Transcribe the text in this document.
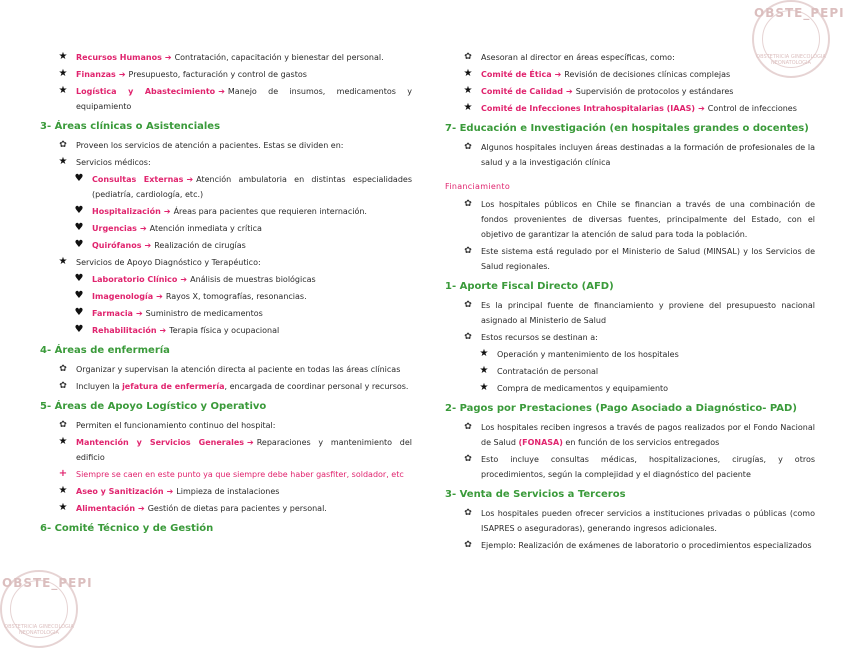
OBSTE_PEPI
OBSTETRICIA GINECOLOGIA NEONATOLOGIA
★	Recursos Humanos ➔ Contratación, capacitación y bienestar del personal.
★	Finanzas ➔ Presupuesto, facturación y control de gastos
★	Logística y Abastecimiento ➔ Manejo de insumos, medicamentos y equipamiento
3- Áreas clínicas o Asistenciales
✿	Proveen los servicios de atención a pacientes. Estas se dividen en:
★	Servicios médicos:
♥	Consultas Externas ➔ Atención ambulatoria en distintas especialidades (pediatría, cardiología, etc.)
♥	Hospitalización ➔ Áreas para pacientes que requieren internación.
♥	Urgencias ➔ Atención inmediata y crítica
♥	Quirófanos ➔ Realización de cirugías
★	Servicios de Apoyo Diagnóstico y Terapéutico:
♥	Laboratorio Clínico ➔ Análisis de muestras biológicas
♥	Imagenología ➔ Rayos X, tomografías, resonancias.
♥	Farmacia ➔ Suministro de medicamentos
♥	Rehabilitación ➔ Terapia física y ocupacional
4- Áreas de enfermería
✿	Organizar y supervisan la atención directa al paciente en todas las áreas clínicas
✿	Incluyen la jefatura de enfermería, encargada de coordinar personal y recursos.
5- Áreas de Apoyo Logístico y Operativo
✿	Permiten el funcionamiento continuo del hospital:
★	Mantención y Servicios Generales ➔ Reparaciones y mantenimiento del edificio
+	Siempre se caen en este punto ya que siempre debe haber gasfiter, soldador, etc
★	Aseo y Sanitización ➔ Limpieza de instalaciones
★	Alimentación ➔ Gestión de dietas para pacientes y personal.
6- Comité Técnico y de Gestión
✿	Asesoran al director en áreas específicas, como:
★	Comité de Ética ➔ Revisión de decisiones clínicas complejas
★	Comité de Calidad ➔ Supervisión de protocolos y estándares
★	Comité de Infecciones Intrahospitalarias (IAAS) ➔ Control de infecciones
7- Educación e Investigación (en hospitales grandes o docentes)
✿	Algunos hospitales incluyen áreas destinadas a la formación de profesionales de la salud y a la investigación clínica
Financiamiento
✿	Los hospitales públicos en Chile se financian a través de una combinación de fondos provenientes de diversas fuentes, principalmente del Estado, con el objetivo de garantizar la atención de salud para toda la población.
✿	Este sistema está regulado por el Ministerio de Salud (MINSAL) y los Servicios de Salud regionales.
1- Aporte Fiscal Directo (AFD)
✿	Es la principal fuente de financiamiento y proviene del presupuesto nacional asignado al Ministerio de Salud
✿	Estos recursos se destinan a:
★	Operación y mantenimiento de los hospitales
★	Contratación de personal
★	Compra de medicamentos y equipamiento
2- Pagos por Prestaciones (Pago Asociado a Diagnóstico- PAD)
✿	Los hospitales reciben ingresos a través de pagos realizados por el Fondo Nacional de Salud (FONASA) en función de los servicios entregados
✿	Esto incluye consultas médicas, hospitalizaciones, cirugías, y otros procedimientos, según la complejidad y el diagnóstico del paciente
3- Venta de Servicios a Terceros
✿	Los hospitales pueden ofrecer servicios a instituciones privadas o públicas (como ISAPRES o aseguradoras), generando ingresos adicionales.
✿	Ejemplo: Realización de exámenes de laboratorio o procedimientos especializados
OBSTE_PEPI
OBSTETRICIA GINECOLOGIA NEONATOLOGIA
